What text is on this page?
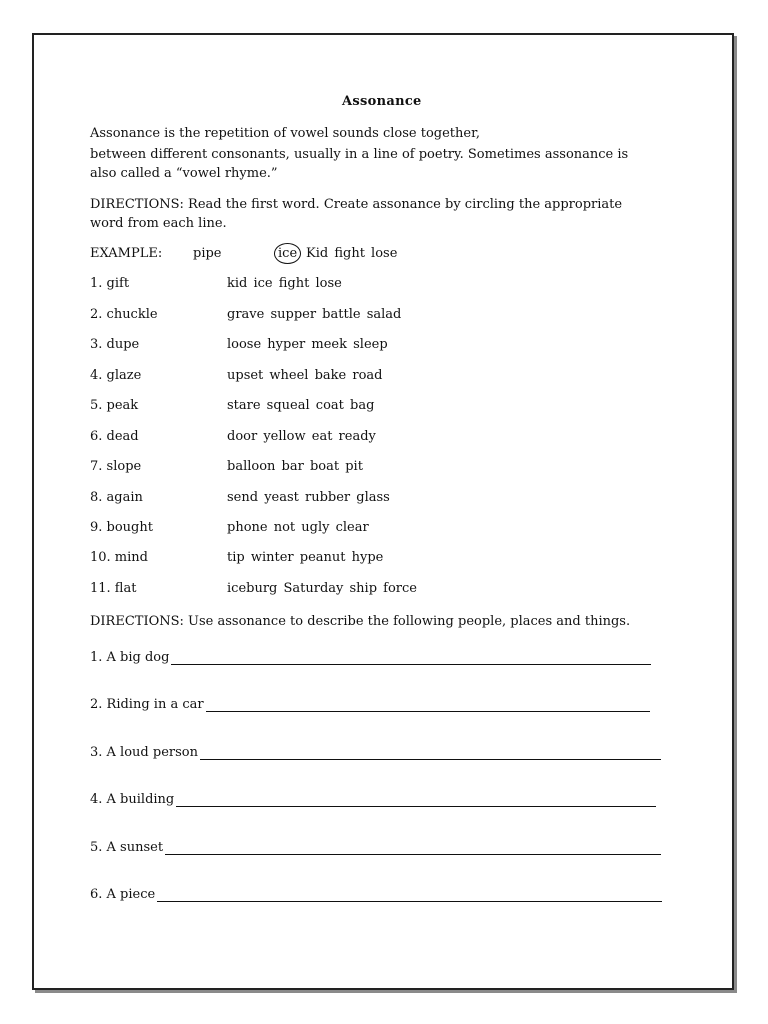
Assonance
Assonance is the repetition of vowel sounds close together,
between different consonants, usually in a line of poetry. Sometimes assonance is
also called a “vowel rhyme.”
DIRECTIONS: Read the first word. Create assonance by circling the appropriate
word from each line.
EXAMPLE: pipe	ice Kid fight lose
1. gift	kid ice fight lose
2. chuckle	grave supper battle salad
3. dupe	loose hyper meek sleep
4. glaze	upset wheel bake road
5. peak	stare squeal coat bag
6. dead	door yellow eat ready
7. slope	balloon bar boat pit
8. again	send yeast rubber glass
9. bought	phone not ugly clear
10. mind	tip winter peanut hype
11. flat	iceburg Saturday ship force
DIRECTIONS: Use assonance to describe the following people, places and things.
1. A big dog
2. Riding in a car
3. A loud person
4. A building
5. A sunset
6. A piece
